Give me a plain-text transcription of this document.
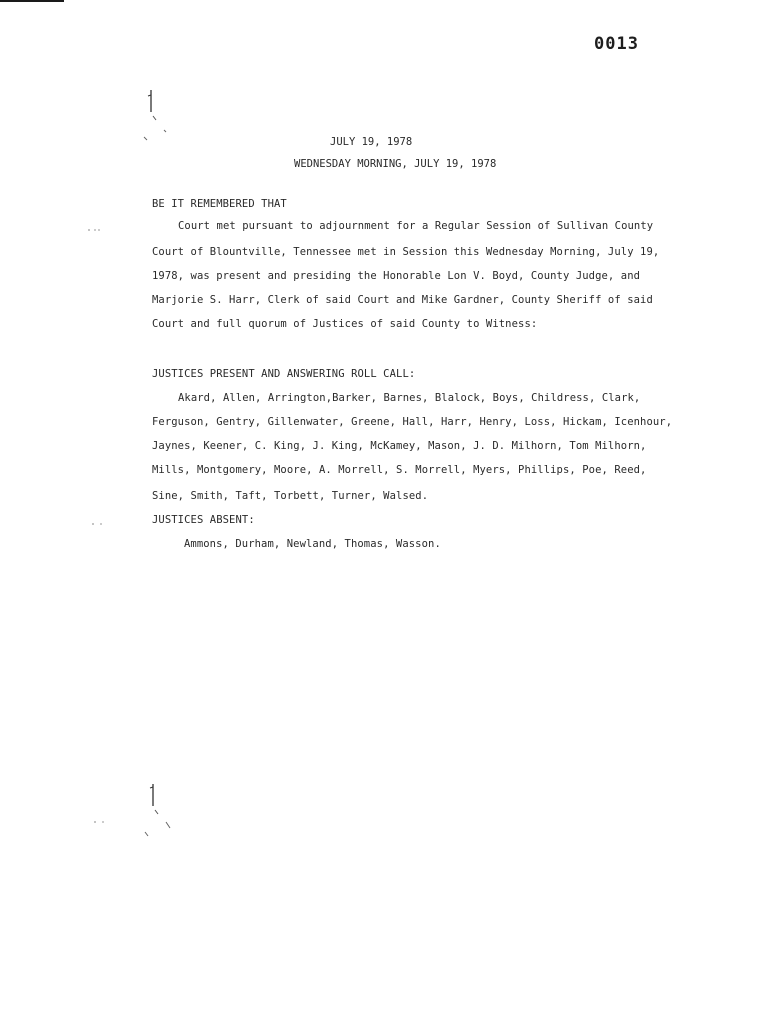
0013
JULY 19, 1978
WEDNESDAY MORNING, JULY 19, 1978
BE IT REMEMBERED THAT
Court met pursuant to adjournment for a Regular Session of Sullivan County
Court of Blountville, Tennessee met in Session this Wednesday Morning, July 19,
1978, was present and presiding the Honorable Lon V. Boyd, County Judge, and
Marjorie S. Harr, Clerk of said Court and Mike Gardner, County Sheriff of said
Court and full quorum of Justices of said County to Witness:
JUSTICES PRESENT AND ANSWERING ROLL CALL:
Akard, Allen, Arrington,Barker, Barnes, Blalock, Boys, Childress, Clark,
Ferguson, Gentry, Gillenwater, Greene, Hall, Harr, Henry, Loss, Hickam, Icenhour,
Jaynes, Keener, C. King, J. King, McKamey, Mason, J. D. Milhorn, Tom Milhorn,
Mills, Montgomery, Moore, A. Morrell, S. Morrell, Myers, Phillips, Poe, Reed,
Sine, Smith, Taft, Torbett, Turner, Walsed.
JUSTICES ABSENT:
Ammons, Durham, Newland, Thomas, Wasson.
